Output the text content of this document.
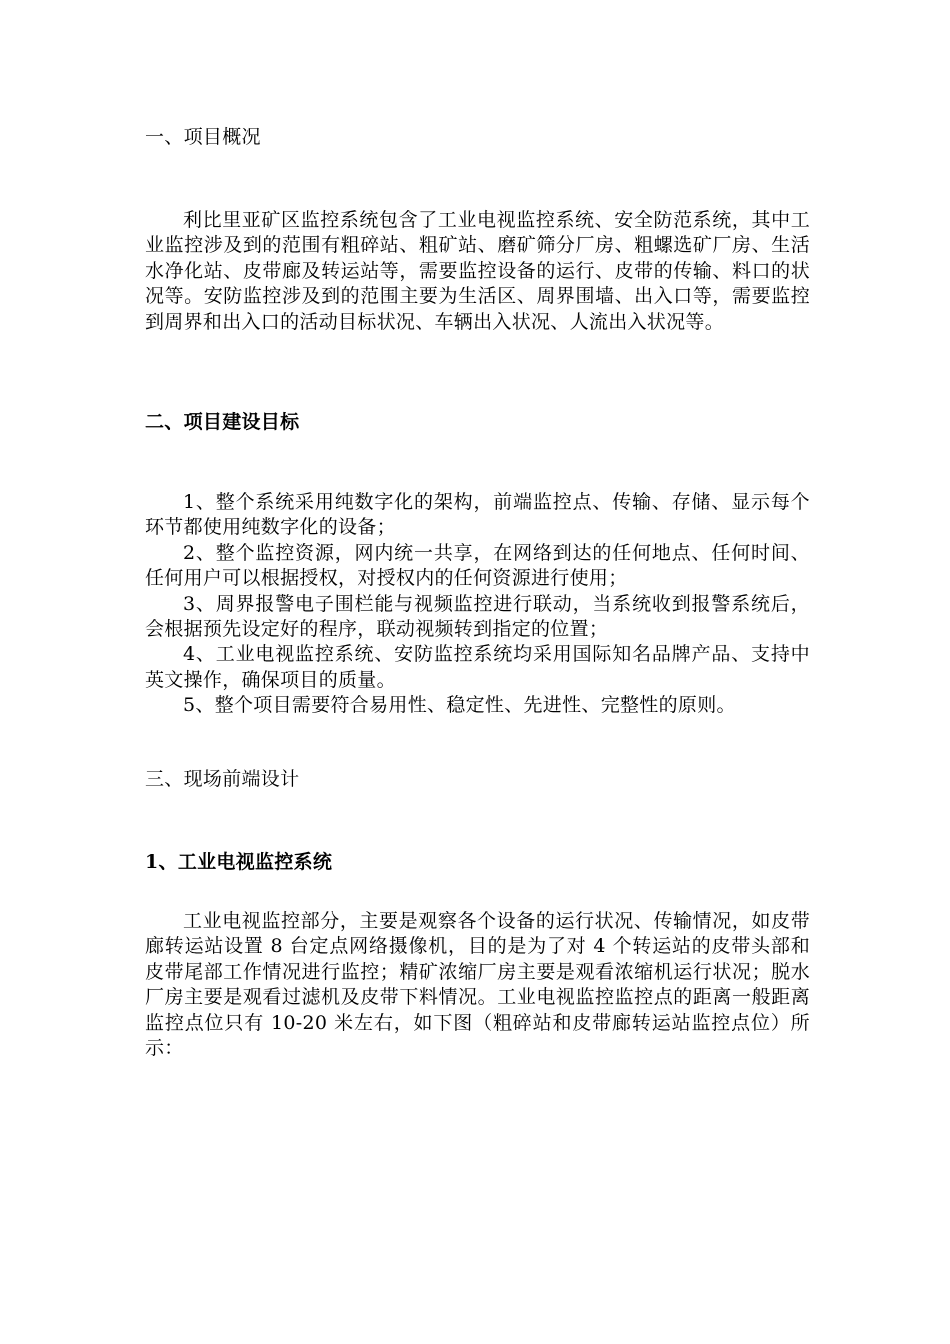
一、项目概况

利比里亚矿区监控系统包含了工业电视监控系统、安全防范系统，其中工业监控涉及到的范围有粗碎站、粗矿站、磨矿筛分厂房、粗螺选矿厂房、生活水净化站、皮带廊及转运站等，需要监控设备的运行、皮带的传输、料口的状况等。安防监控涉及到的范围主要为生活区、周界围墙、出入口等，需要监控到周界和出入口的活动目标状况、车辆出入状况、人流出入状况等。

二、项目建设目标

1、整个系统采用纯数字化的架构，前端监控点、传输、存储、显示每个环节都使用纯数字化的设备；

2、整个监控资源，网内统一共享，在网络到达的任何地点、任何时间、任何用户可以根据授权，对授权内的任何资源进行使用；

3、周界报警电子围栏能与视频监控进行联动，当系统收到报警系统后，会根据预先设定好的程序，联动视频转到指定的位置；

4、工业电视监控系统、安防监控系统均采用国际知名品牌产品、支持中英文操作，确保项目的质量。

5、整个项目需要符合易用性、稳定性、先进性、完整性的原则。

三、现场前端设计
1、工业电视监控系统

工业电视监控部分，主要是观察各个设备的运行状况、传输情况，如皮带廊转运站设置 8 台定点网络摄像机，目的是为了对 4 个转运站的皮带头部和皮带尾部工作情况进行监控；精矿浓缩厂房主要是观看浓缩机运行状况；脱水厂房主要是观看过滤机及皮带下料情况。工业电视监控监控点的距离一般距离监控点位只有 10-20 米左右，如下图（粗碎站和皮带廊转运站监控点位）所示：
